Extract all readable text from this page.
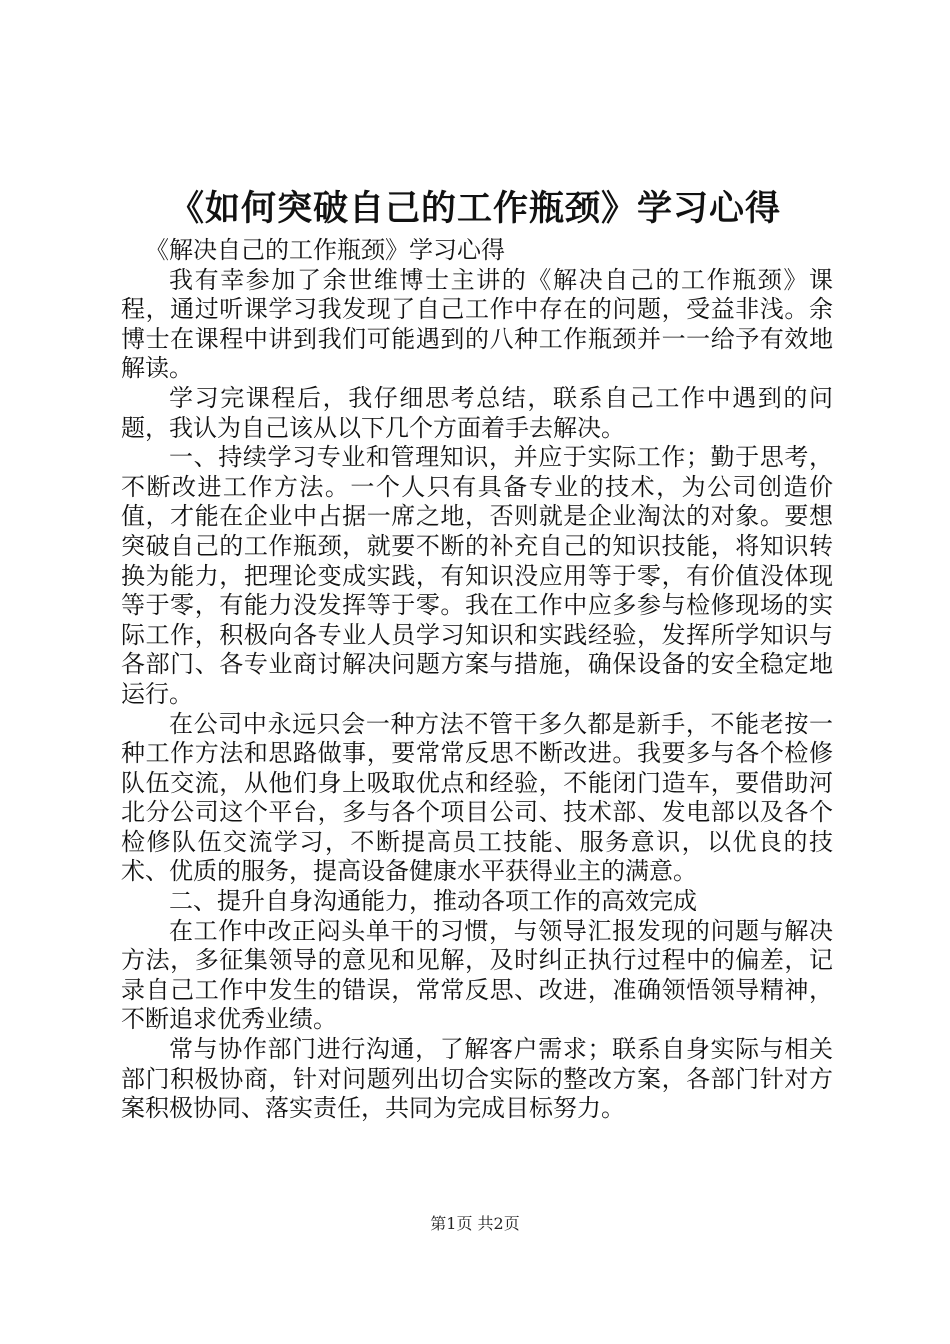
《如何突破自己的工作瓶颈》学习心得

《解决自己的工作瓶颈》学习心得

我有幸参加了余世维博士主讲的《解决自己的工作瓶颈》课程，通过听课学习我发现了自己工作中存在的问题，受益非浅。余博士在课程中讲到我们可能遇到的八种工作瓶颈并一一给予有效地解读。

学习完课程后，我仔细思考总结，联系自己工作中遇到的问题，我认为自己该从以下几个方面着手去解决。

一、持续学习专业和管理知识，并应于实际工作；勤于思考，不断改进工作方法。一个人只有具备专业的技术，为公司创造价值，才能在企业中占据一席之地，否则就是企业淘汰的对象。要想突破自己的工作瓶颈，就要不断的补充自己的知识技能，将知识转换为能力，把理论变成实践，有知识没应用等于零，有价值没体现等于零，有能力没发挥等于零。我在工作中应多参与检修现场的实际工作，积极向各专业人员学习知识和实践经验，发挥所学知识与各部门、各专业商讨解决问题方案与措施，确保设备的安全稳定地运行。

在公司中永远只会一种方法不管干多久都是新手，不能老按一种工作方法和思路做事，要常常反思不断改进。我要多与各个检修队伍交流，从他们身上吸取优点和经验，不能闭门造车，要借助河北分公司这个平台，多与各个项目公司、技术部、发电部以及各个检修队伍交流学习，不断提高员工技能、服务意识，以优良的技术、优质的服务，提高设备健康水平获得业主的满意。

二、提升自身沟通能力，推动各项工作的高效完成

在工作中改正闷头单干的习惯，与领导汇报发现的问题与解决方法，多征集领导的意见和见解，及时纠正执行过程中的偏差，记录自己工作中发生的错误，常常反思、改进，准确领悟领导精神，不断追求优秀业绩。

常与协作部门进行沟通，了解客户需求；联系自身实际与相关部门积极协商，针对问题列出切合实际的整改方案，各部门针对方案积极协同、落实责任，共同为完成目标努力。

第1页 共2页
